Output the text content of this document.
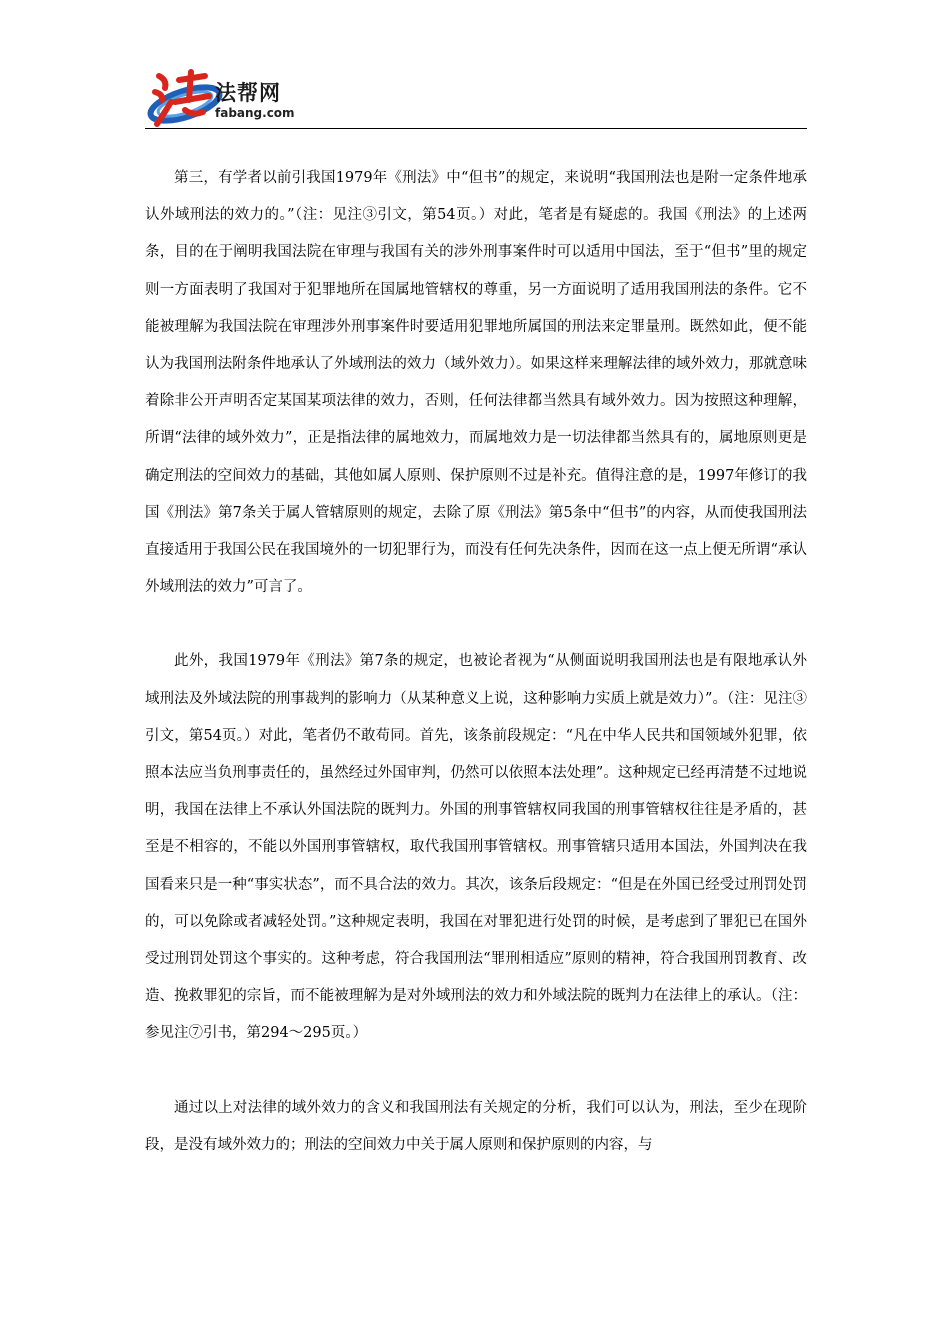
法帮网
fabang.com

第三，有学者以前引我国1979年《刑法》中“但书”的规定，来说明“我国刑法也是附一定条件地承认外域刑法的效力的。”（注：见注③引文，第54页。）对此，笔者是有疑虑的。我国《刑法》的上述两条，目的在于阐明我国法院在审理与我国有关的涉外刑事案件时可以适用中国法，至于“但书”里的规定则一方面表明了我国对于犯罪地所在国属地管辖权的尊重，另一方面说明了适用我国刑法的条件。它不能被理解为我国法院在审理涉外刑事案件时要适用犯罪地所属国的刑法来定罪量刑。既然如此，便不能认为我国刑法附条件地承认了外域刑法的效力（域外效力）。如果这样来理解法律的域外效力，那就意味着除非公开声明否定某国某项法律的效力，否则，任何法律都当然具有域外效力。因为按照这种理解，所谓“法律的域外效力”，正是指法律的属地效力，而属地效力是一切法律都当然具有的，属地原则更是确定刑法的空间效力的基础，其他如属人原则、保护原则不过是补充。值得注意的是，1997年修订的我国《刑法》第7条关于属人管辖原则的规定，去除了原《刑法》第5条中“但书”的内容，从而使我国刑法直接适用于我国公民在我国境外的一切犯罪行为，而没有任何先决条件，因而在这一点上便无所谓“承认外域刑法的效力”可言了。

此外，我国1979年《刑法》第7条的规定，也被论者视为“从侧面说明我国刑法也是有限地承认外域刑法及外域法院的刑事裁判的影响力（从某种意义上说，这种影响力实质上就是效力）”。（注：见注③引文，第54页。）对此，笔者仍不敢苟同。首先，该条前段规定：“凡在中华人民共和国领域外犯罪，依照本法应当负刑事责任的，虽然经过外国审判，仍然可以依照本法处理”。这种规定已经再清楚不过地说明，我国在法律上不承认外国法院的既判力。外国的刑事管辖权同我国的刑事管辖权往往是矛盾的，甚至是不相容的，不能以外国刑事管辖权，取代我国刑事管辖权。刑事管辖只适用本国法，外国判决在我国看来只是一种“事实状态”，而不具合法的效力。其次，该条后段规定：“但是在外国已经受过刑罚处罚的，可以免除或者减轻处罚。”这种规定表明，我国在对罪犯进行处罚的时候，是考虑到了罪犯已在国外受过刑罚处罚这个事实的。这种考虑，符合我国刑法“罪刑相适应”原则的精神，符合我国刑罚教育、改造、挽救罪犯的宗旨，而不能被理解为是对外域刑法的效力和外域法院的既判力在法律上的承认。（注：参见注⑦引书，第294～295页。）

通过以上对法律的域外效力的含义和我国刑法有关规定的分析，我们可以认为，刑法，至少在现阶段，是没有域外效力的；刑法的空间效力中关于属人原则和保护原则的内容，与
